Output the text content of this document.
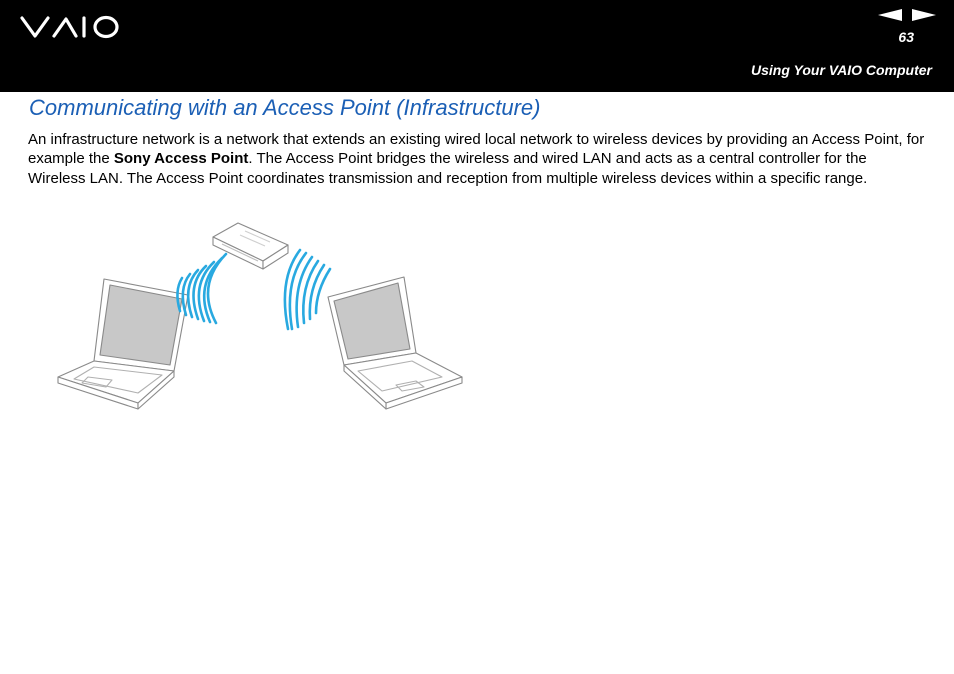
63
Using Your VAIO Computer
Communicating with an Access Point (Infrastructure)

An infrastructure network is a network that extends an existing wired local network to wireless devices by providing an Access Point, for example the Sony Access Point. The Access Point bridges the wireless and wired LAN and acts as a central controller for the Wireless LAN. The Access Point coordinates transmission and reception from multiple wireless devices within a specific range.
